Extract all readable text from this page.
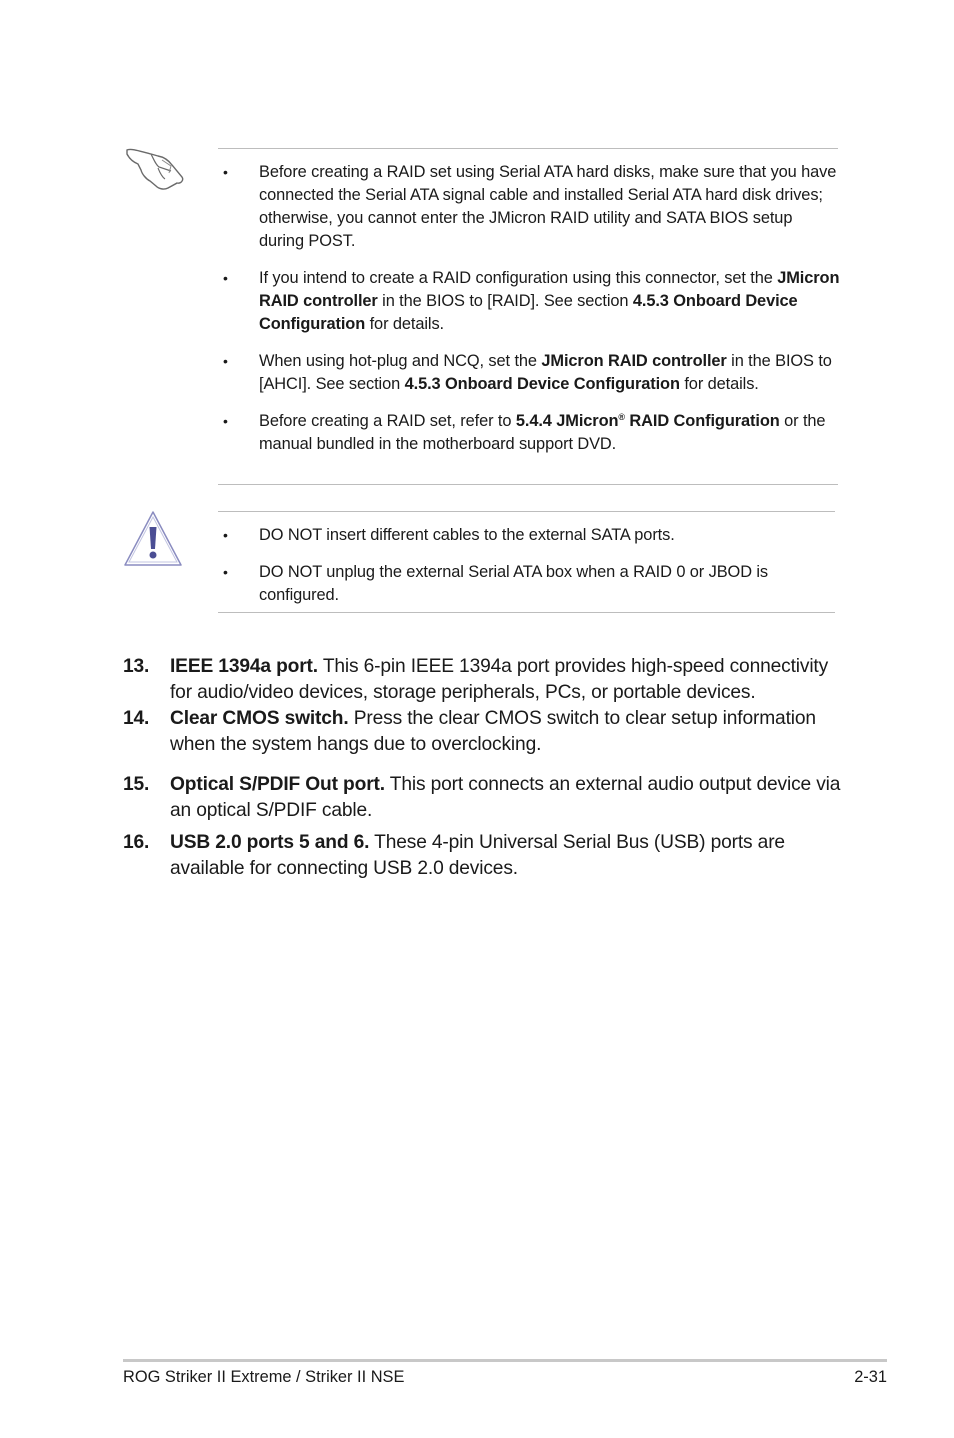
• Before creating a RAID set using Serial ATA hard disks, make sure that you have connected the Serial ATA signal cable and installed Serial ATA hard disk drives; otherwise, you cannot enter the JMicron RAID utility and SATA BIOS setup during POST.
• If you intend to create a RAID configuration using this connector, set the JMicron RAID controller in the BIOS to [RAID]. See section 4.5.3 Onboard Device Configuration for details.
• When using hot-plug and NCQ, set the JMicron RAID controller in the BIOS to [AHCI]. See section 4.5.3 Onboard Device Configuration for details.
• Before creating a RAID set, refer to 5.4.4 JMicron® RAID Configuration or the manual bundled in the motherboard support DVD.
• DO NOT insert different cables to the external SATA ports.
• DO NOT unplug the external Serial ATA box when a RAID 0 or JBOD is configured.
13. IEEE 1394a port. This 6-pin IEEE 1394a port provides high-speed connectivity for audio/video devices, storage peripherals, PCs, or portable devices.
14. Clear CMOS switch. Press the clear CMOS switch to clear setup information when the system hangs due to overclocking.
15. Optical S/PDIF Out port. This port connects an external audio output device via an optical S/PDIF cable.
16. USB 2.0 ports 5 and 6. These 4-pin Universal Serial Bus (USB) ports are available for connecting USB 2.0 devices.
ROG Striker II Extreme / Striker II NSE	2-31
